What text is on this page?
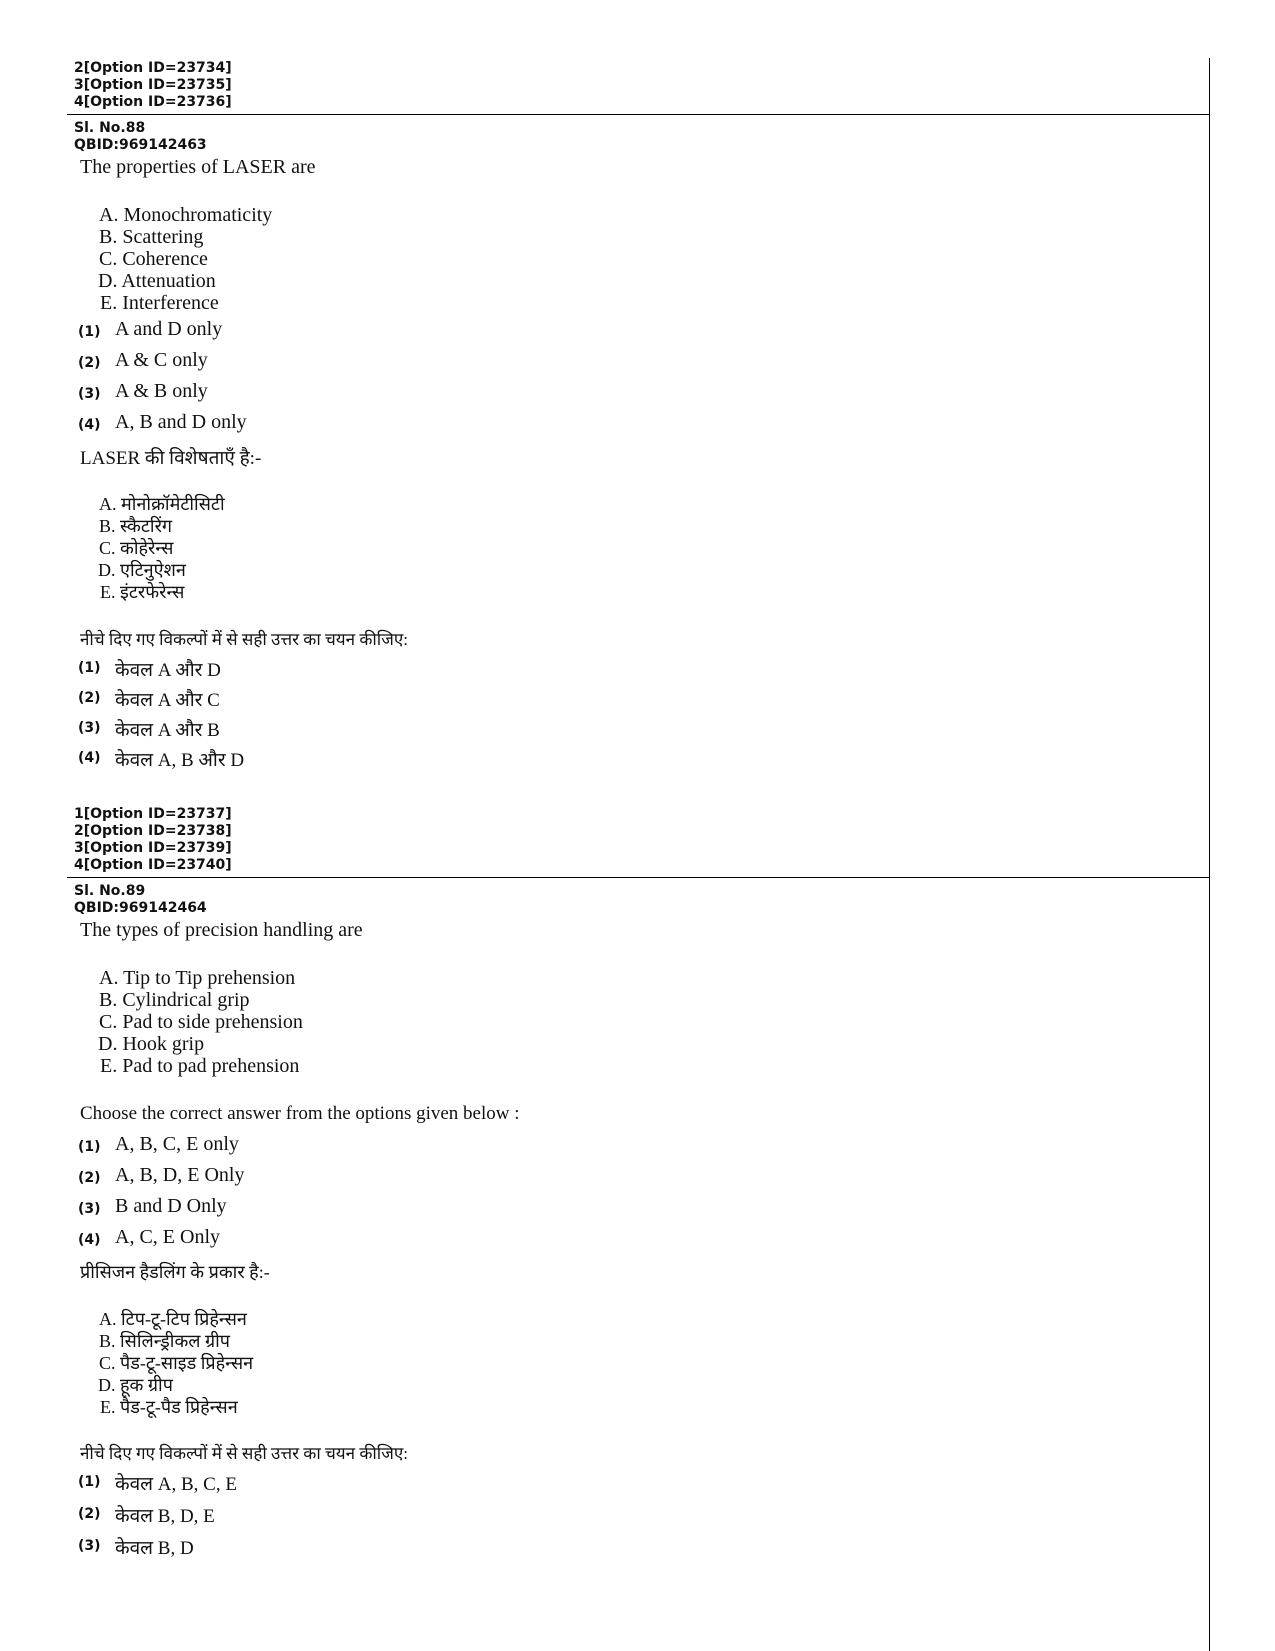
2[Option ID=23734]
3[Option ID=23735]
4[Option ID=23736]
Sl. No.88
QBID:969142463
The properties of LASER are
A. Monochromaticity
B. Scattering
C. Coherence
D. Attenuation
E. Interference
(1) A and D only
(2) A & C only
(3) A & B only
(4) A, B and D only
LASER की विशेषताएँ है:-
A. मोनोक्रॉमेटीसिटी
B. स्कैटरिंग
C. कोहेरेन्स
D. एटिनुऐशन
E. इंटरफेरेन्स
नीचे दिए गए विकल्पों में से सही उत्तर का चयन कीजिए:
(1) केवल A और D
(2) केवल A और C
(3) केवल A और B
(4) केवल A, B और D
1[Option ID=23737]
2[Option ID=23738]
3[Option ID=23739]
4[Option ID=23740]
Sl. No.89
QBID:969142464
The types of precision handling are
A. Tip to Tip prehension
B. Cylindrical grip
C. Pad to side prehension
D. Hook grip
E. Pad to pad prehension
Choose the correct answer from the options given below :
(1) A, B, C, E only
(2) A, B, D, E Only
(3) B and D Only
(4) A, C, E Only
प्रीसिजन हैडलिंग के प्रकार है:-
A. टिप-टू-टिप प्रिहेन्सन
B. सिलिन्ड्रीकल ग्रीप
C. पैड-टू-साइड प्रिहेन्सन
D. हूक ग्रीप
E. पैड-टू-पैड प्रिहेन्सन
नीचे दिए गए विकल्पों में से सही उत्तर का चयन कीजिए:
(1) केवल A, B, C, E
(2) केवल B, D, E
(3) केवल B, D
